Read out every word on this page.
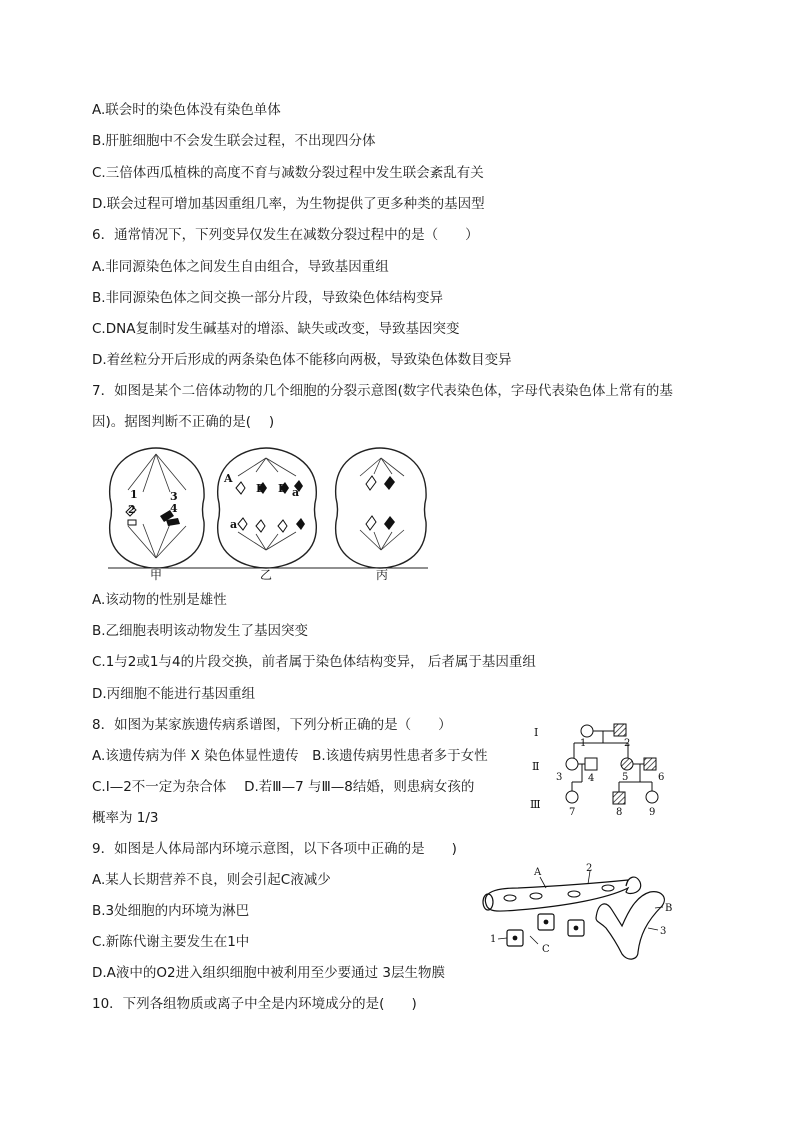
A.联会时的染色体没有染色单体
B.肝脏细胞中不会发生联会过程，不出现四分体
C.三倍体西瓜植株的高度不育与减数分裂过程中发生联会紊乱有关
D.联会过程可增加基因重组几率，为生物提供了更多种类的基因型
6．通常情况下，下列变异仅发生在减数分裂过程中的是（　　）
A.非同源染色体之间发生自由组合，导致基因重组
B.非同源染色体之间交换一部分片段，导致染色体结构变异
C.DNA复制时发生碱基对的增添、缺失或改变，导致基因突变
D.着丝粒分开后形成的两条染色体不能移向两极，导致染色体数目变异
7．如图是某个二倍体动物的几个细胞的分裂示意图(数字代表染色体，字母代表染色体上常有的基
因)。据图判断不正确的是(　 )
1
2
3
4
A
B B a
a
甲	乙	丙
A.该动物的性别是雄性
B.乙细胞表明该动物发生了基因突变
C.1与2或1与4的片段交换，前者属于染色体结构变异， 后者属于基因重组
D.丙细胞不能进行基因重组
8．如图为某家族遗传病系谱图，下列分析正确的是（　　）
A.该遗传病为伴 X 染色体显性遗传　B.该遗传病男性患者多于女性
C.Ⅰ—2不一定为杂合体　 D.若Ⅲ—7 与Ⅲ—8结婚，则患病女孩的
概率为 1/3
Ⅰ
Ⅱ
Ⅲ
1	2
3	4	5	6
7	8	9
9．如图是人体局部内环境示意图，以下各项中正确的是　　)
A.某人长期营养不良，则会引起C液减少
B.3处细胞的内环境为淋巴
C.新陈代谢主要发生在1中
D.A液中的O2进入组织细胞中被利用至少要通过 3层生物膜
10．下列各组物质或离子中全是内环境成分的是(　　)
A	2
B
3
1
C
